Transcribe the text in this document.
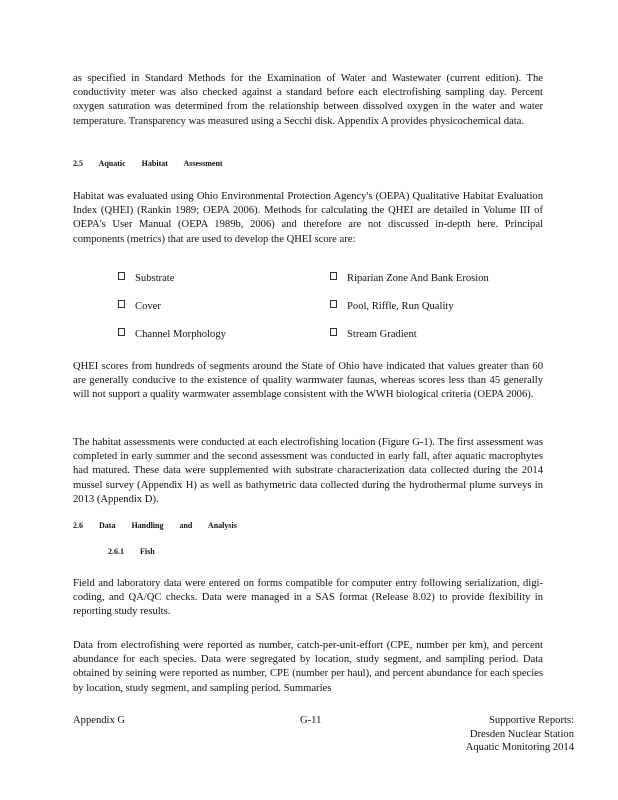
as specified in Standard Methods for the Examination of Water and Wastewater (current edition). The conductivity meter was also checked against a standard before each electrofishing sampling day. Percent oxygen saturation was determined from the relationship between dissolved oxygen in the water and water temperature. Transparency was measured using a Secchi disk. Appendix A provides physicochemical data.

2.5 Aquatic Habitat Assessment

Habitat was evaluated using Ohio Environmental Protection Agency's (OEPA) Qualitative Habitat Evaluation Index (QHEI) (Rankin 1989; OEPA 2006). Methods for calculating the QHEI are detailed in Volume III of OEPA's User Manual (OEPA 1989b, 2006) and therefore are not discussed in-depth here. Principal components (metrics) that are used to develop the QHEI score are:

Substrate
Cover
Channel Morphology
Riparian Zone And Bank Erosion
Pool, Riffle, Run Quality
Stream Gradient

QHEI scores from hundreds of segments around the State of Ohio have indicated that values greater than 60 are generally conducive to the existence of quality warmwater faunas, whereas scores less than 45 generally will not support a quality warmwater assemblage consistent with the WWH biological criteria (OEPA 2006).

The habitat assessments were conducted at each electrofishing location (Figure G-1). The first assessment was completed in early summer and the second assessment was conducted in early fall, after aquatic macrophytes had matured. These data were supplemented with substrate characterization data collected during the 2014 mussel survey (Appendix H) as well as bathymetric data collected during the hydrothermal plume surveys in 2013 (Appendix D).

2.6 Data Handling and Analysis
2.6.1 Fish

Field and laboratory data were entered on forms compatible for computer entry following serialization, digi-coding, and QA/QC checks. Data were managed in a SAS format (Release 8.02) to provide flexibility in reporting study results.

Data from electrofishing were reported as number, catch-per-unit-effort (CPE, number per km), and percent abundance for each species. Data were segregated by location, study segment, and sampling period. Data obtained by seining were reported as number, CPE (number per haul), and percent abundance for each species by location, study segment, and sampling period. Summaries

Appendix G	G-11	Supportive Reports:
Dresden Nuclear Station
Aquatic Monitoring 2014
